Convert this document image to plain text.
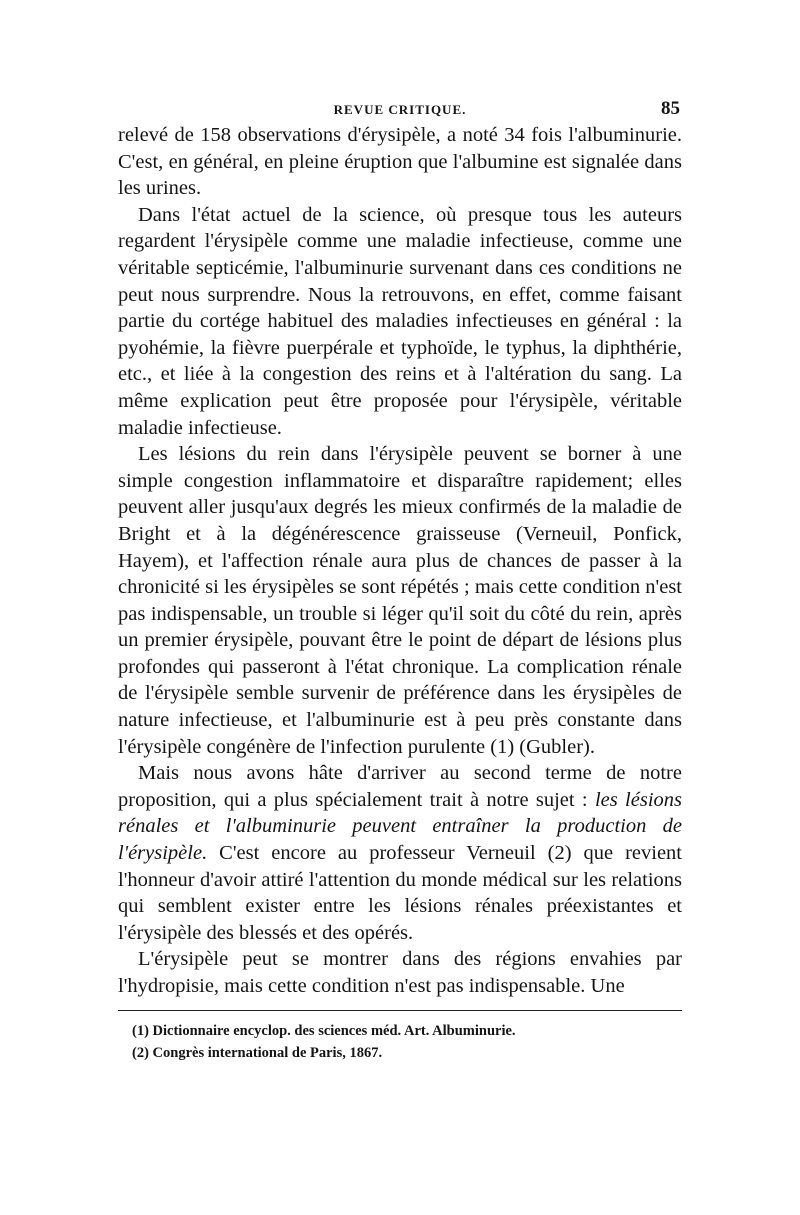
REVUE CRITIQUE.	85

relevé de 158 observations d'érysipèle, a noté 34 fois l'albuminurie. C'est, en général, en pleine éruption que l'albumine est signalée dans les urines.

Dans l'état actuel de la science, où presque tous les auteurs regardent l'érysipèle comme une maladie infectieuse, comme une véritable septicémie, l'albuminurie survenant dans ces conditions ne peut nous surprendre. Nous la retrouvons, en effet, comme faisant partie du cortége habituel des maladies infectieuses en général : la pyohémie, la fièvre puerpérale et typhoïde, le typhus, la diphthérie, etc., et liée à la congestion des reins et à l'altération du sang. La même explication peut être proposée pour l'érysipèle, véritable maladie infectieuse.

Les lésions du rein dans l'érysipèle peuvent se borner à une simple congestion inflammatoire et disparaître rapidement; elles peuvent aller jusqu'aux degrés les mieux confirmés de la maladie de Bright et à la dégénérescence graisseuse (Verneuil, Ponfick, Hayem), et l'affection rénale aura plus de chances de passer à la chronicité si les érysipèles se sont répétés ; mais cette condition n'est pas indispensable, un trouble si léger qu'il soit du côté du rein, après un premier érysipèle, pouvant être le point de départ de lésions plus profondes qui passeront à l'état chronique. La complication rénale de l'érysipèle semble survenir de préférence dans les érysipèles de nature infectieuse, et l'albuminurie est à peu près constante dans l'érysipèle congénère de l'infection purulente (1) (Gubler).

Mais nous avons hâte d'arriver au second terme de notre proposition, qui a plus spécialement trait à notre sujet : les lésions rénales et l'albuminurie peuvent entraîner la production de l'érysipèle. C'est encore au professeur Verneuil (2) que revient l'honneur d'avoir attiré l'attention du monde médical sur les relations qui semblent exister entre les lésions rénales préexistantes et l'érysipèle des blessés et des opérés.

L'érysipèle peut se montrer dans des régions envahies par l'hydropisie, mais cette condition n'est pas indispensable. Une

(1) Dictionnaire encyclop. des sciences méd. Art. Albuminurie.
(2) Congrès international de Paris, 1867.
